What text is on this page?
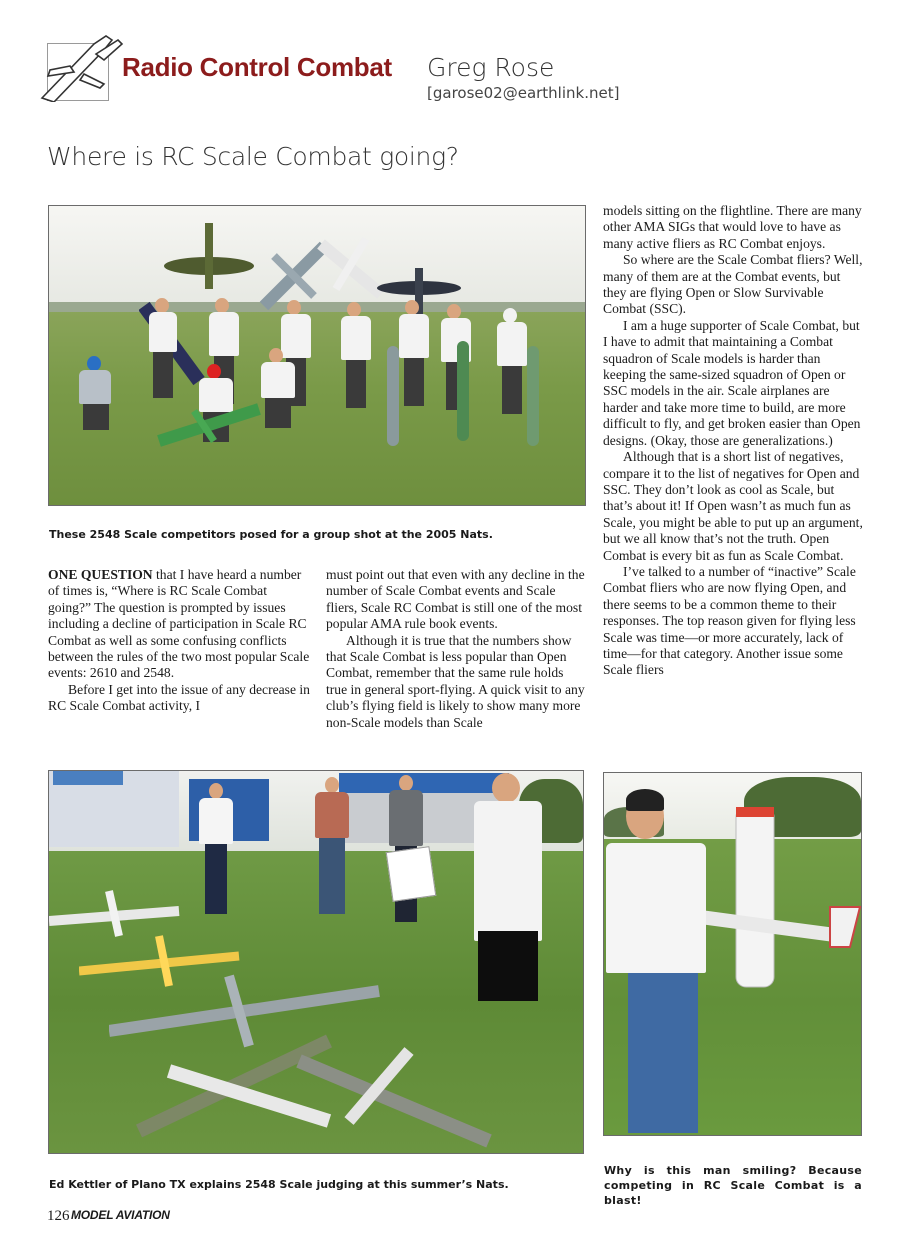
Radio Control Combat Greg Rose
[garose02@earthlink.net]
Where is RC Scale Combat going?
These 2548 Scale competitors posed for a group shot at the 2005 Nats.

ONE QUESTION that I have heard a number of times is, “Where is RC Scale Combat going?” The question is prompted by issues including a decline of participation in Scale RC Combat as well as some confusing conflicts between the rules of the two most popular Scale events: 2610 and 2548.

Before I get into the issue of any decrease in RC Scale Combat activity, I

must point out that even with any decline in the number of Scale Combat events and Scale fliers, Scale RC Combat is still one of the most popular AMA rule book events.

Although it is true that the numbers show that Scale Combat is less popular than Open Combat, remember that the same rule holds true in general sport-flying. A quick visit to any club’s flying field is likely to show many more non-Scale models than Scale

models sitting on the flightline. There are many other AMA SIGs that would love to have as many active fliers as RC Combat enjoys.

So where are the Scale Combat fliers? Well, many of them are at the Combat events, but they are flying Open or Slow Survivable Combat (SSC).

I am a huge supporter of Scale Combat, but I have to admit that maintaining a Combat squadron of Scale models is harder than keeping the same-sized squadron of Open or SSC models in the air. Scale airplanes are harder and take more time to build, are more difficult to fly, and get broken easier than Open designs. (Okay, those are generalizations.)

Although that is a short list of negatives, compare it to the list of negatives for Open and SSC. They don’t look as cool as Scale, but that’s about it! If Open wasn’t as much fun as Scale, you might be able to put up an argument, but we all know that’s not the truth. Open Combat is every bit as fun as Scale Combat.

I’ve talked to a number of “inactive” Scale Combat fliers who are now flying Open, and there seems to be a common theme to their responses. The top reason given for flying less Scale was time—or more accurately, lack of time—for that category. Another issue some Scale fliers

Ed Kettler of Plano TX explains 2548 Scale judging at this summer’s Nats.
Why is this man smiling? Because competing in RC Scale Combat is a blast!
126 MODEL AVIATION
